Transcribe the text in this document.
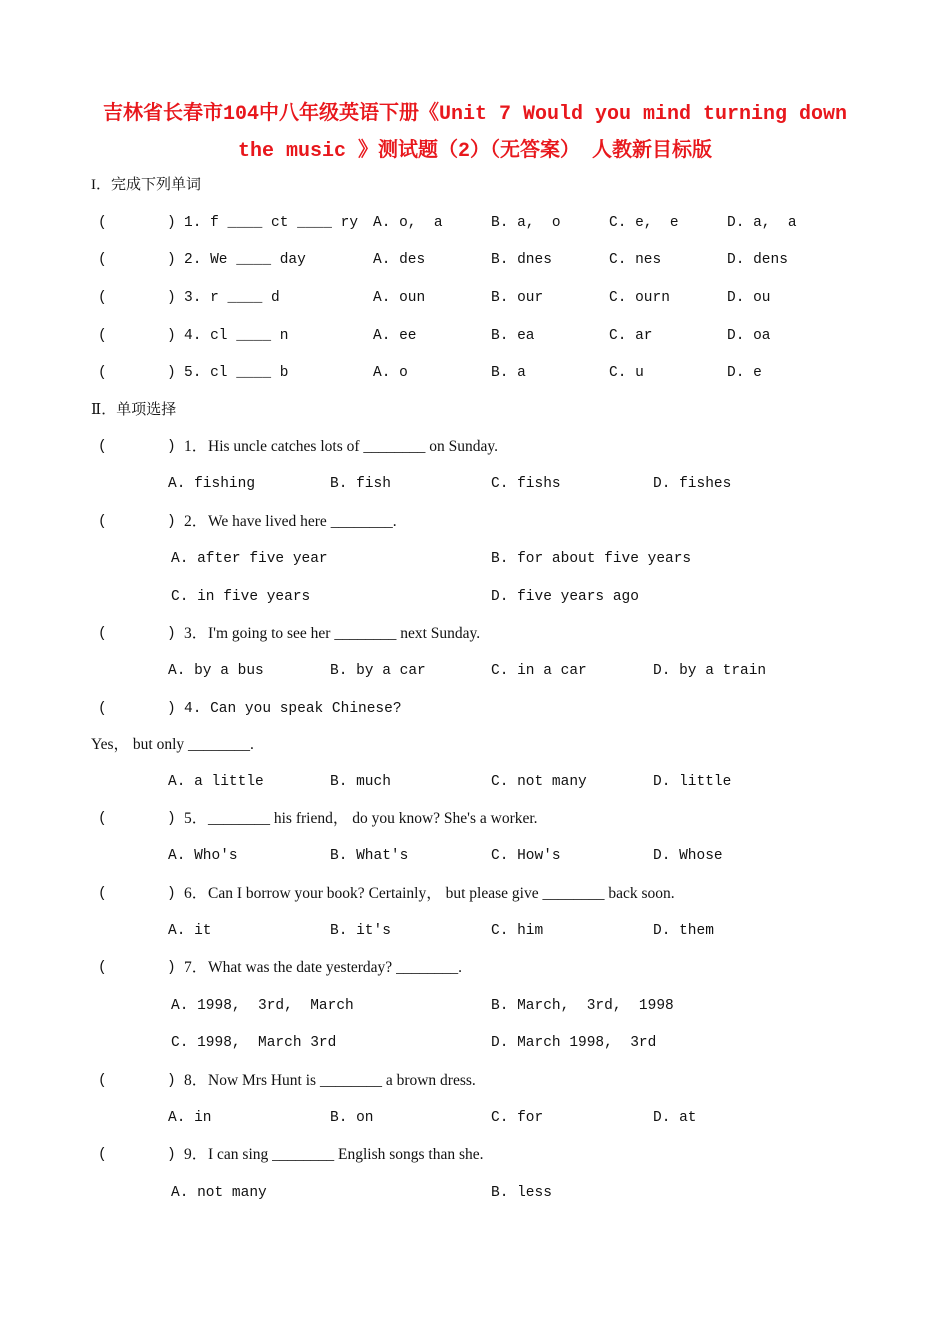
吉林省长春市104中八年级英语下册《Unit 7 Would you mind turning down
the music 》测试题（2）（无答案） 人教新目标版
I．完成下列单词
(	) 1. f ____ ct ____ ry A. o,  a	B. a,  o	C. e,  e	D. a,  a
(	) 2. We ____ day	A. des	B. dnes	C. nes	D. dens
(	) 3. r ____ d	A. oun	B. our	C. ourn	D. ou
(	) 4. cl ____ n	A. ee	B. ea	C. ar	D. oa
(	) 5. cl ____ b	A. o	B. a	C. u	D. e
Ⅱ．单项选择
(	) 1． His uncle catches lots of ________ on Sunday.
A. fishing	B. fish	C. fishs	D. fishes
(	) 2． We have lived here ________.
A. after five year	B. for about five years
C. in five years	D. five years ago
(	) 3． I'm going to see her ________ next Sunday.
A. by a bus	B. by a car	C. in a car	D. by a train
(	) 4. Can you speak Chinese?
Yes， but only ________.
A. a little	B. much	C. not many	D. little
(	) 5． ________ his friend， do you know? She's a worker.
A. Who's	B. What's	C. How's	D. Whose
(	) 6． Can I borrow your book? Certainly， but please give ________ back soon.
A. it	B. it's	C. him	D. them
(	) 7． What was the date yesterday? ________.
A. 1998,  3rd,  March	B. March,  3rd,  1998
C. 1998,  March 3rd	D. March 1998,  3rd
(	) 8． Now Mrs Hunt is ________ a brown dress.
A. in	B. on	C. for	D. at
(	) 9． I can sing ________ English songs than she.
A. not many	B. less
